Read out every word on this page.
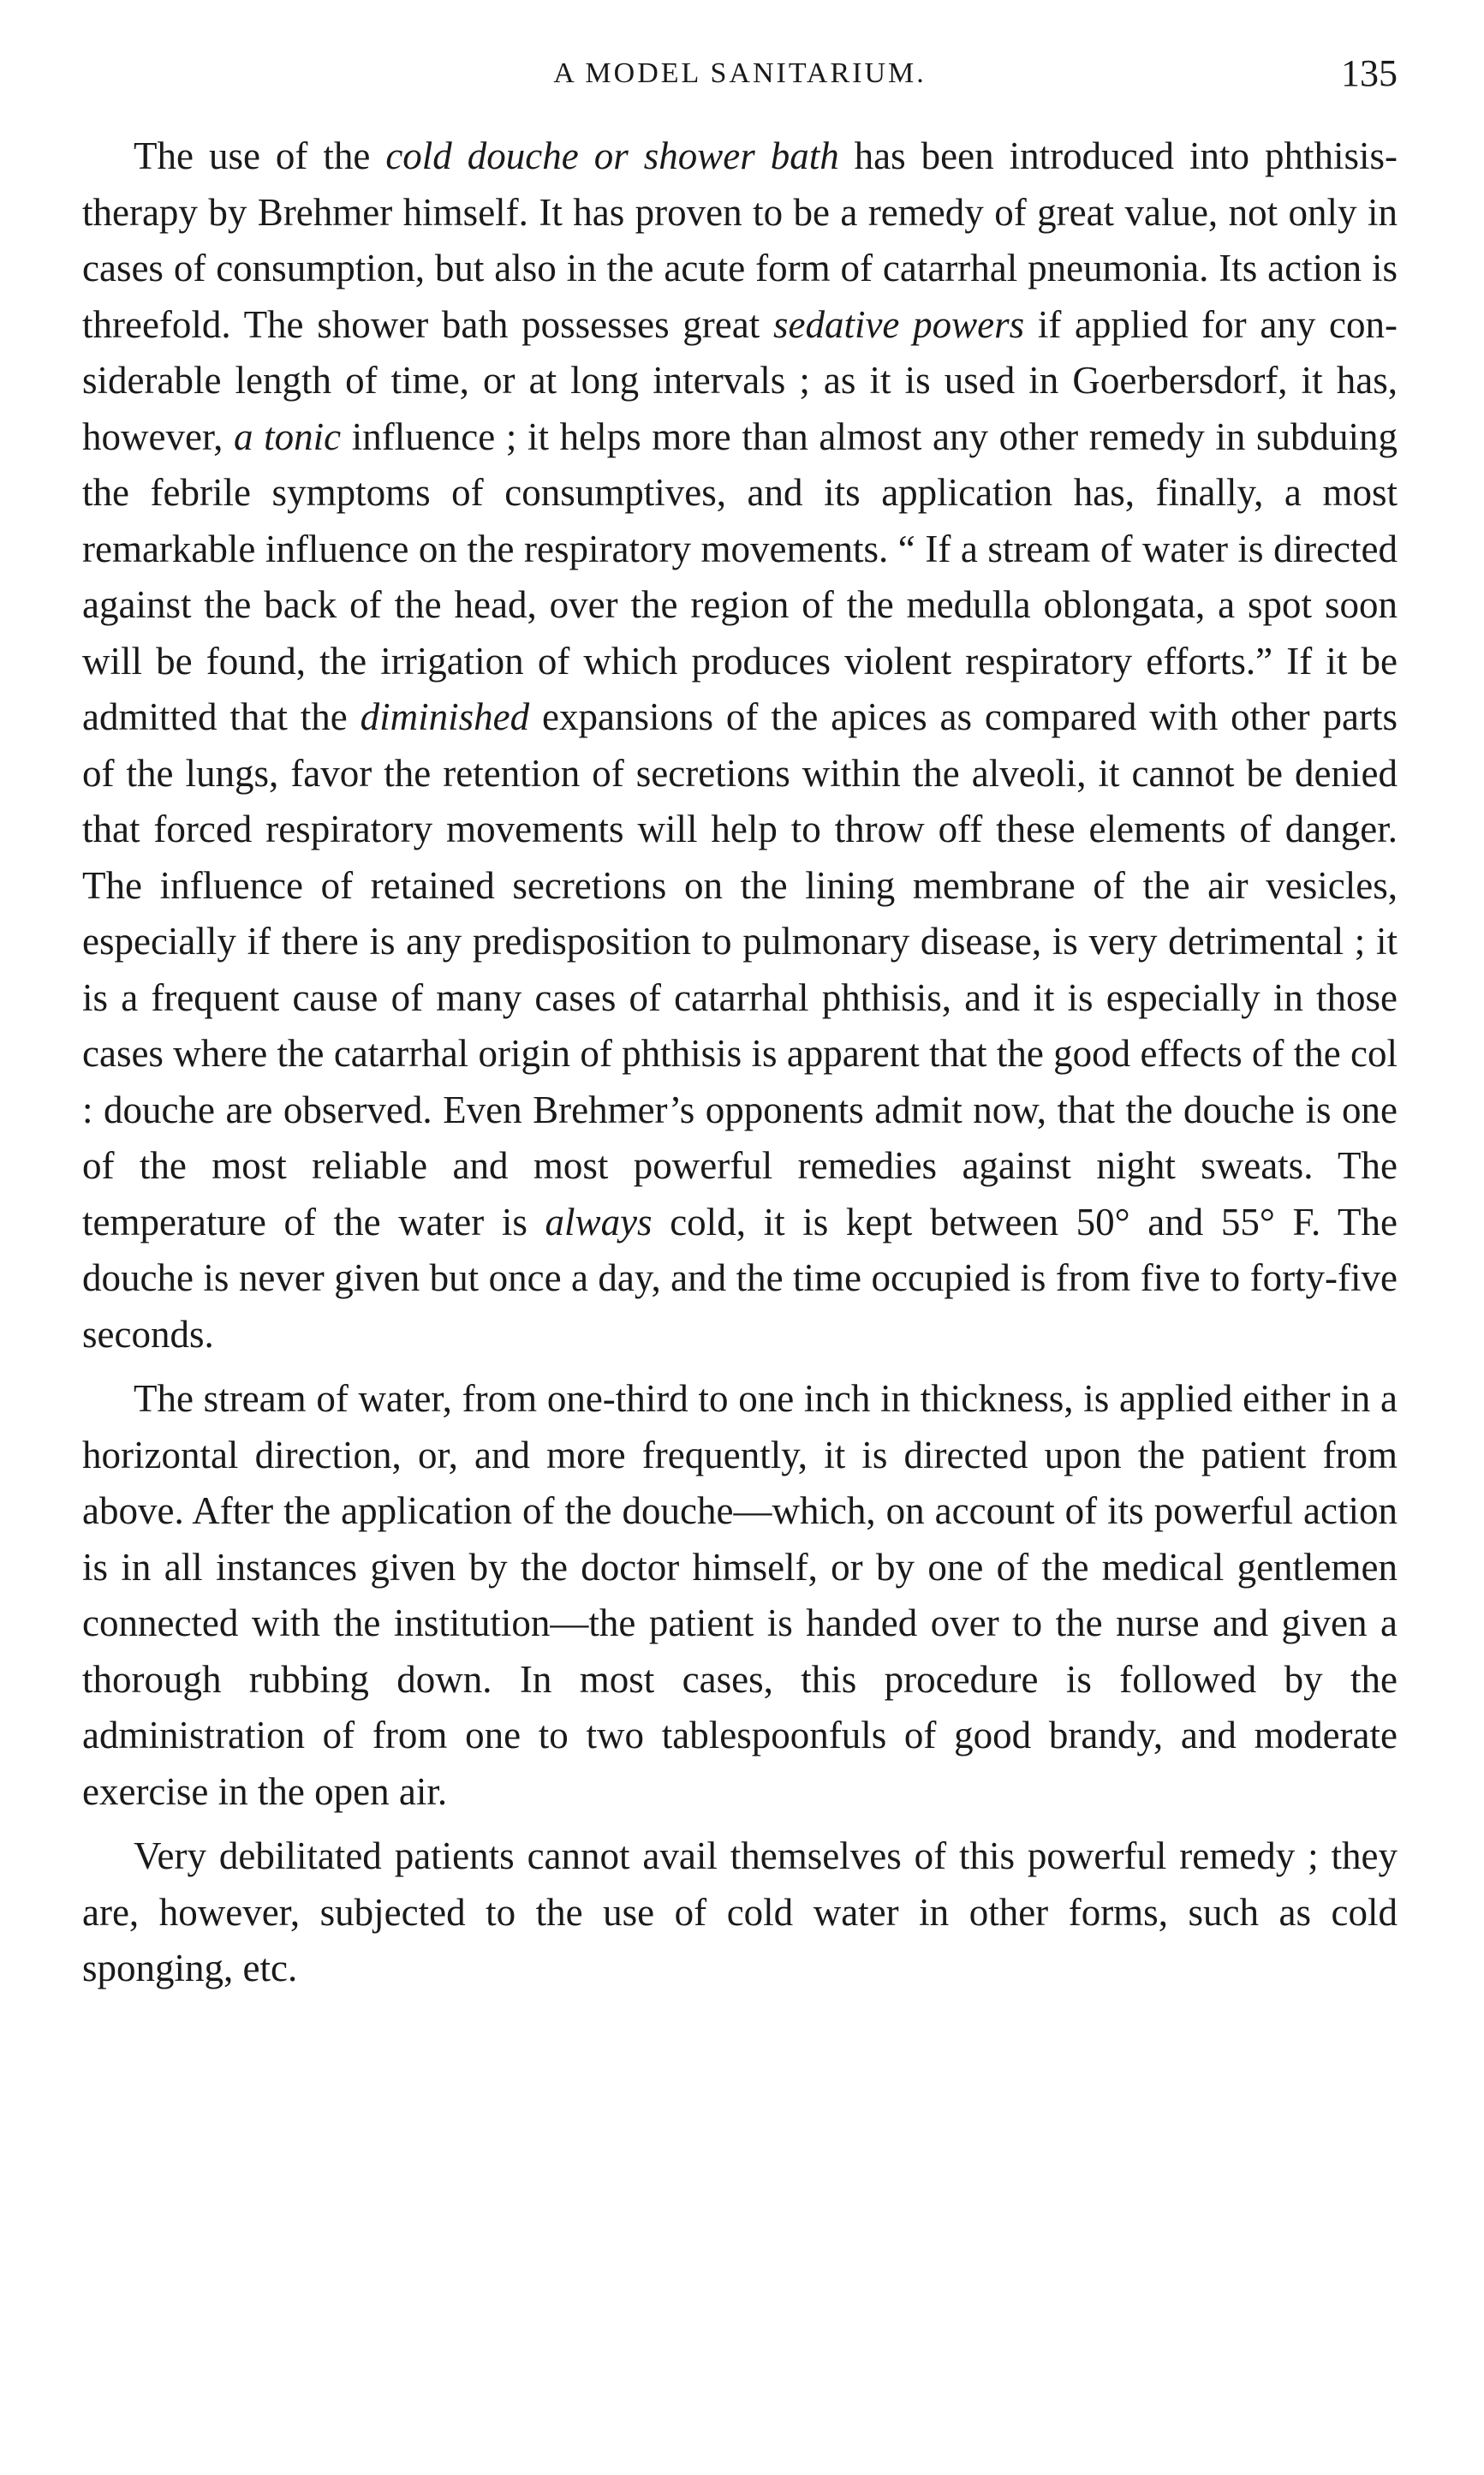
A MODEL SANITARIUM.	135

The use of the cold douche or shower bath has been introduced into phthisis-therapy by Brehmer himself. It has proven to be a remedy of great value, not only in cases of consumption, but also in the acute form of catarrhal pneumonia. Its action is threefold. The shower bath possesses great sedative powers if applied for any considerable length of time, or at long intervals ; as it is used in Goerbersdorf, it has, however, a tonic influence ; it helps more than almost any other remedy in subduing the febrile symptoms of consumptives, and its application has, finally, a most remarkable influence on the respiratory movements. “ If a stream of water is directed against the back of the head, over the region of the medulla oblongata, a spot soon will be found, the irrigation of which produces violent respiratory efforts.” If it be admitted that the diminished expansions of the apices as compared with other parts of the lungs, favor the retention of secretions within the alveoli, it cannot be denied that forced respiratory movements will help to throw off these elements of danger. The influence of retained secretions on the lining membrane of the air vesicles, especially if there is any predisposition to pulmonary disease, is very detrimental ; it is a frequent cause of many cases of catarrhal phthisis, and it is especially in those cases where the catarrhal origin of phthisis is apparent that the good effects of the col : douche are observed. Even Brehmer’s opponents admit now, that the douche is one of the most reliable and most powerful remedies against night sweats. The temperature of the water is always cold, it is kept between 50° and 55° F. The douche is never given but once a day, and the time occupied is from five to forty-five seconds.

The stream of water, from one-third to one inch in thickness, is applied either in a horizontal direction, or, and more frequently, it is directed upon the patient from above. After the application of the douche—which, on account of its powerful action is in all instances given by the doctor himself, or by one of the medical gentlemen connected with the institution—the patient is handed over to the nurse and given a thorough rubbing down. In most cases, this procedure is followed by the administration of from one to two tablespoonfuls of good brandy, and moderate exercise in the open air.

Very debilitated patients cannot avail themselves of this powerful remedy ; they are, however, subjected to the use of cold water in other forms, such as cold sponging, etc.
